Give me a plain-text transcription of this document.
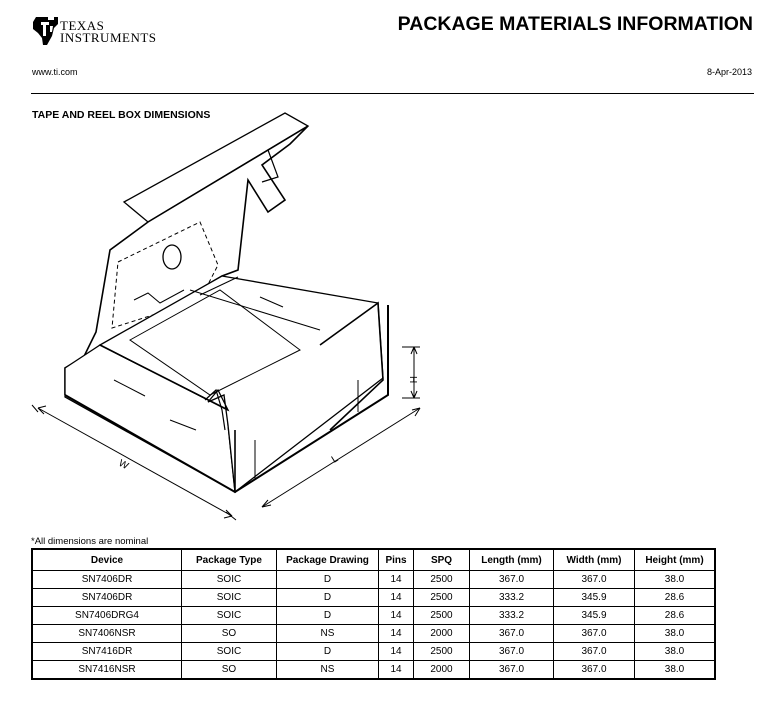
TEXAS
INSTRUMENTS
PACKAGE MATERIALS INFORMATION
www.ti.com	8-Apr-2013
TAPE AND REEL BOX DIMENSIONS
W	L
H
*All dimensions are nominal
Device	Package Type	Package Drawing	Pins	SPQ	Length (mm)	Width (mm)	Height (mm)
SN7406DR	SOIC	D	14	2500	367.0	367.0	38.0
SN7406DR	SOIC	D	14	2500	333.2	345.9	28.6
SN7406DRG4	SOIC	D	14	2500	333.2	345.9	28.6
SN7406NSR	SO	NS	14	2000	367.0	367.0	38.0
SN7416DR	SOIC	D	14	2500	367.0	367.0	38.0
SN7416NSR	SO	NS	14	2000	367.0	367.0	38.0
